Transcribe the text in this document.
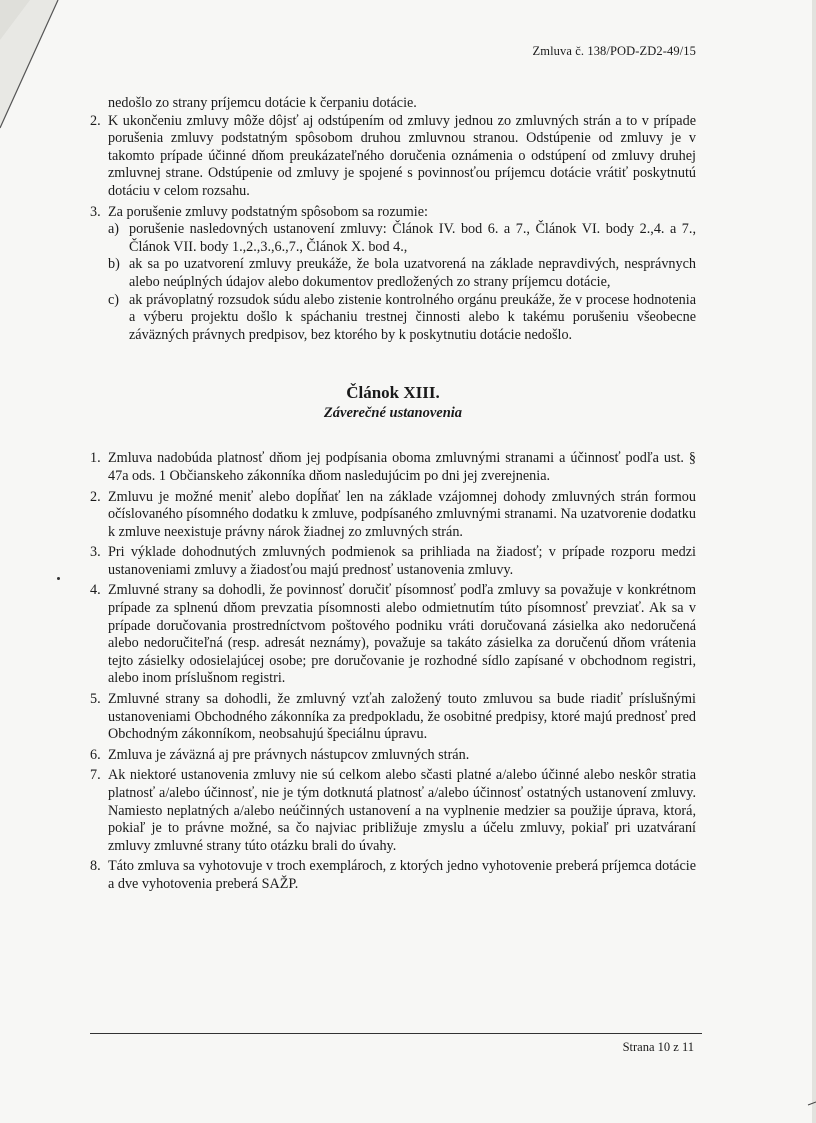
Zmluva č. 138/POD-ZD2-49/15

nedošlo zo strany príjemcu dotácie k čerpaniu dotácie.

2. K ukončeniu zmluvy môže dôjsť aj odstúpením od zmluvy jednou zo zmluvných strán a to v prípade porušenia zmluvy podstatným spôsobom druhou zmluvnou stranou. Odstúpenie od zmluvy je v takomto prípade účinné dňom preukázateľného doručenia oznámenia o odstúpení od zmluvy druhej zmluvnej strane. Odstúpenie od zmluvy je spojené s povinnosťou príjemcu dotácie vrátiť poskytnutú dotáciu v celom rozsahu.
3. Za porušenie zmluvy podstatným spôsobom sa rozumie:
a) porušenie nasledovných ustanovení zmluvy: Článok IV. bod 6. a 7., Článok VI. body 2.,4. a 7., Článok VII. body 1.,2.,3.,6.,7., Článok X. bod 4.,
b) ak sa po uzatvorení zmluvy preukáže, že bola uzatvorená na základe nepravdivých, nesprávnych alebo neúplných údajov alebo dokumentov predložených zo strany príjemcu dotácie,
c) ak právoplatný rozsudok súdu alebo zistenie kontrolného orgánu preukáže, že v procese hodnotenia a výberu projektu došlo k spáchaniu trestnej činnosti alebo k takému porušeniu všeobecne záväzných právnych predpisov, bez ktorého by k poskytnutiu dotácie nedošlo.
Článok XIII.
Záverečné ustanovenia
1. Zmluva nadobúda platnosť dňom jej podpísania oboma zmluvnými stranami a účinnosť podľa ust. § 47a ods. 1 Občianskeho zákonníka dňom nasledujúcim po dni jej zverejnenia.
2. Zmluvu je možné meniť alebo dopĺňať len na základe vzájomnej dohody zmluvných strán formou očíslovaného písomného dodatku k zmluve, podpísaného zmluvnými stranami. Na uzatvorenie dodatku k zmluve neexistuje právny nárok žiadnej zo zmluvných strán.
3. Pri výklade dohodnutých zmluvných podmienok sa prihliada na žiadosť; v prípade rozporu medzi ustanoveniami zmluvy a žiadosťou majú prednosť ustanovenia zmluvy.
4. Zmluvné strany sa dohodli, že povinnosť doručiť písomnosť podľa zmluvy sa považuje v konkrétnom prípade za splnenú dňom prevzatia písomnosti alebo odmietnutím túto písomnosť prevziať. Ak sa v prípade doručovania prostredníctvom poštového podniku vráti doručovaná zásielka ako nedoručená alebo nedoručiteľná (resp. adresát neznámy), považuje sa takáto zásielka za doručenú dňom vrátenia tejto zásielky odosielajúcej osobe; pre doručovanie je rozhodné sídlo zapísané v obchodnom registri, alebo inom príslušnom registri.
5. Zmluvné strany sa dohodli, že zmluvný vzťah založený touto zmluvou sa bude riadiť príslušnými ustanoveniami Obchodného zákonníka za predpokladu, že osobitné predpisy, ktoré majú prednosť pred Obchodným zákonníkom, neobsahujú špeciálnu úpravu.
6. Zmluva je záväzná aj pre právnych nástupcov zmluvných strán.
7. Ak niektoré ustanovenia zmluvy nie sú celkom alebo sčasti platné a/alebo účinné alebo neskôr stratia platnosť a/alebo účinnosť, nie je tým dotknutá platnosť a/alebo účinnosť ostatných ustanovení zmluvy. Namiesto neplatných a/alebo neúčinných ustanovení a na vyplnenie medzier sa použije úprava, ktorá, pokiaľ je to právne možné, sa čo najviac približuje zmyslu a účelu zmluvy, pokiaľ pri uzatváraní zmluvy zmluvné strany túto otázku brali do úvahy.
8. Táto zmluva sa vyhotovuje v troch exemplároch, z ktorých jedno vyhotovenie preberá príjemca dotácie a dve vyhotovenia preberá SAŽP.
Strana 10 z 11
